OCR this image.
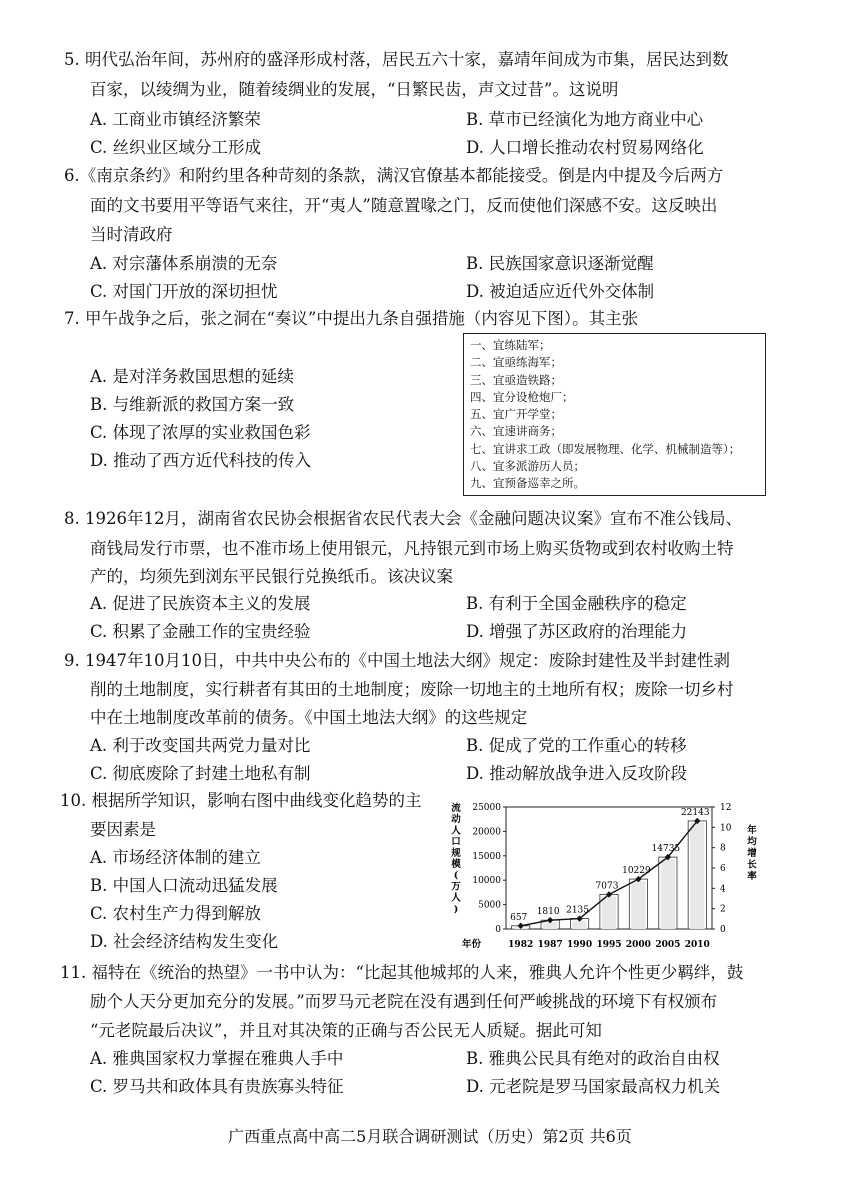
5. 明代弘治年间，苏州府的盛泽形成村落，居民五六十家，嘉靖年间成为市集，居民达到数
百家，以绫绸为业，随着绫绸业的发展，“日繁民齿，声文过昔”。这说明
A. 工商业市镇经济繁荣	B. 草市已经演化为地方商业中心
C. 丝织业区域分工形成	D. 人口增长推动农村贸易网络化
6.《南京条约》和附约里各种苛刻的条款，满汉官僚基本都能接受。倒是内中提及今后两方
面的文书要用平等语气来往，开“夷人”随意置喙之门，反而使他们深感不安。这反映出
当时清政府
A. 对宗藩体系崩溃的无奈	B. 民族国家意识逐渐觉醒
C. 对国门开放的深切担忧	D. 被迫适应近代外交体制
7. 甲午战争之后，张之洞在“奏议”中提出九条自强措施（内容见下图）。其主张
A. 是对洋务救国思想的延续
B. 与维新派的救国方案一致
C. 体现了浓厚的实业救国色彩
D. 推动了西方近代科技的传入
一、宜练陆军；
二、宜亟练海军；
三、宜亟造铁路；
四、宜分设枪炮厂；
五、宜广开学堂；
六、宜速讲商务；
七、宜讲求工政（即发展物理、化学、机械制造等）；
八、宜多派游历人员；
九、宜预备巡幸之所。
8. 1926年12月，湖南省农民协会根据省农民代表大会《金融问题决议案》宣布不准公钱局、
商钱局发行市票，也不准市场上使用银元，凡持银元到市场上购买货物或到农村收购土特
产的，均须先到浏东平民银行兑换纸币。该决议案
A. 促进了民族资本主义的发展	B. 有利于全国金融秩序的稳定
C. 积累了金融工作的宝贵经验	D. 增强了苏区政府的治理能力
9. 1947年10月10日，中共中央公布的《中国土地法大纲》规定：废除封建性及半封建性剥
削的土地制度，实行耕者有其田的土地制度；废除一切地主的土地所有权；废除一切乡村
中在土地制度改革前的债务。《中国土地法大纲》的这些规定
A. 利于改变国共两党力量对比	B. 促成了党的工作重心的转移
C. 彻底废除了封建土地私有制	D. 推动解放战争进入反攻阶段
10. 根据所学知识，影响右图中曲线变化趋势的主
要因素是
A. 市场经济体制的建立
B. 中国人口流动迅猛发展
C. 农村生产力得到解放
D. 社会经济结构发生变化
流
动
人
口
规
模
(
万
人
)
年
均
增
长
率
0
5000
10000
15000
20000
25000
0
2
4
6
8
10
12
657
1810 2135
7073
10229
14735
22143
1982 1987 1990 1995 2000 2005 2010
年份
11. 福特在《统治的热望》一书中认为：“比起其他城邦的人来，雅典人允许个性更少羁绊，鼓
励个人天分更加充分的发展。”而罗马元老院在没有遇到任何严峻挑战的环境下有权颁布
“元老院最后决议”，并且对其决策的正确与否公民无人质疑。据此可知
A. 雅典国家权力掌握在雅典人手中	B. 雅典公民具有绝对的政治自由权
C. 罗马共和政体具有贵族寡头特征	D. 元老院是罗马国家最高权力机关
广西重点高中高二5月联合调研测试（历史）第2页 共6页
